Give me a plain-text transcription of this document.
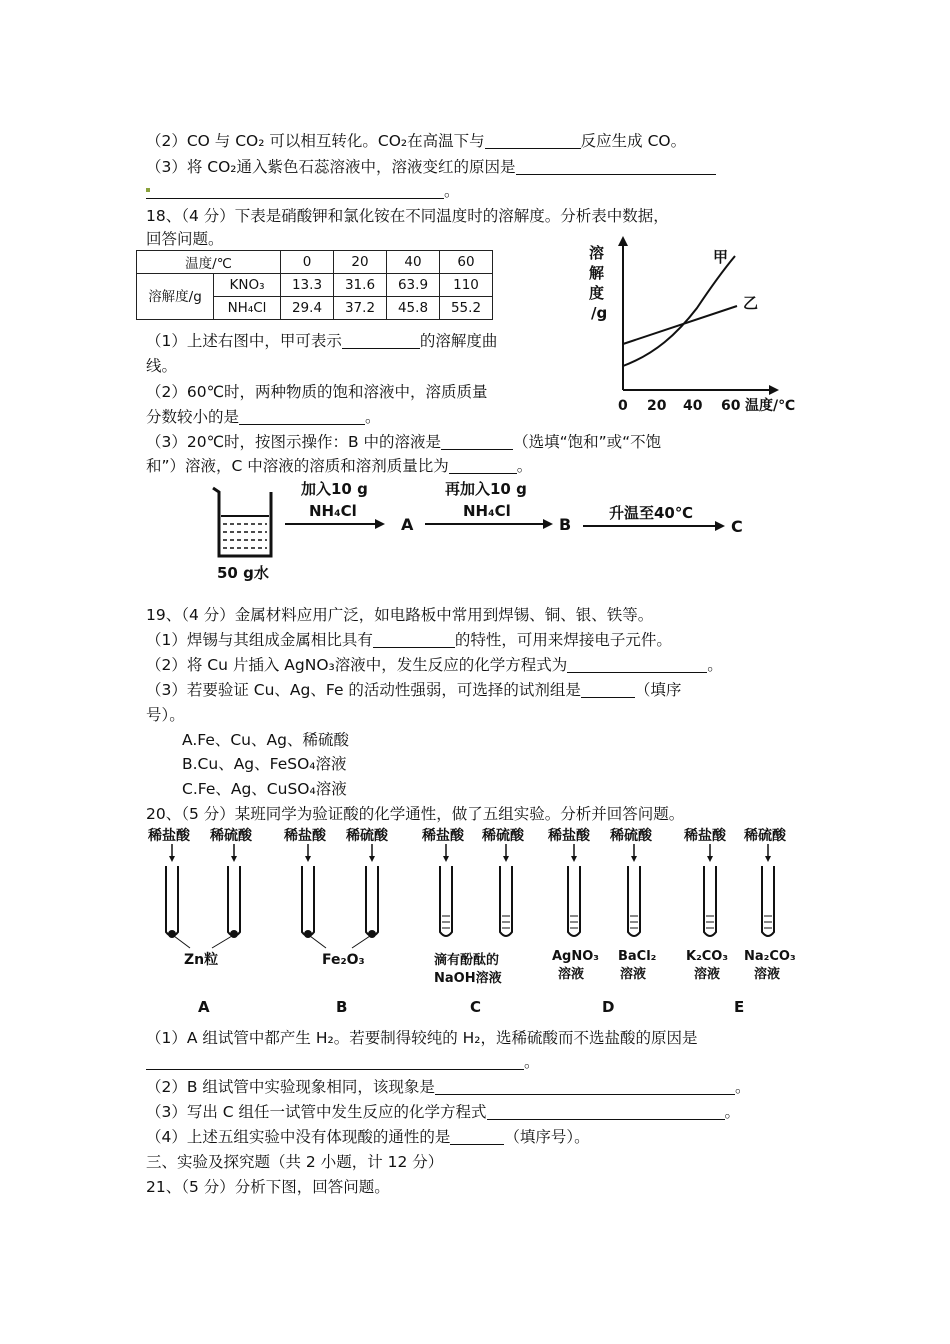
（2）CO 与 CO₂ 可以相互转化。CO₂在高温下与	反应生成 CO。
（3）将 CO₂通入紫色石蕊溶液中，溶液变红的原因是
。
18、（4 分）下表是硝酸钾和氯化铵在不同温度时的溶解度。分析表中数据，
回答问题。
温度/℃		0	20	40	60
溶解度/g	KNO₃	13.3	31.6	63.9	110
	NH₄Cl	29.4	37.2	45.8	55.2
溶
解
度
/g
甲
乙
0 20 40 60 温度/℃
（1）上述右图中，甲可表示	的溶解度曲
线。
（2）60℃时，两种物质的饱和溶液中，溶质质量
分数较小的是	。
（3）20℃时，按图示操作：B 中的溶液是	（选填“饱和”或“不饱
和”）溶液，C 中溶液的溶质和溶剂质量比为	。
50 g水
加入10 g
NH₄Cl
A
再加入10 g
NH₄Cl
B
升温至40℃
C
19、（4 分）金属材料应用广泛，如电路板中常用到焊锡、铜、银、铁等。
（1）焊锡与其组成金属相比具有	的特性，可用来焊接电子元件。
（2）将 Cu 片插入 AgNO₃溶液中，发生反应的化学方程式为	。
（3）若要验证 Cu、Ag、Fe 的活动性强弱，可选择的试剂组是	（填序
号）。
A.Fe、Cu、Ag、稀硫酸
B.Cu、Ag、FeSO₄溶液
C.Fe、Ag、CuSO₄溶液
20、（5 分）某班同学为验证酸的化学通性，做了五组实验。分析并回答问题。
稀盐酸 稀硫酸
Zn粒
A
稀盐酸 稀硫酸
Fe₂O₃
B
稀盐酸 稀硫酸
滴有酚酞的
NaOH溶液
C
稀盐酸 稀硫酸
AgNO₃
溶液
BaCl₂
溶液
D
稀盐酸 稀硫酸
K₂CO₃
溶液
Na₂CO₃
溶液
E
（1）A 组试管中都产生 H₂。若要制得较纯的 H₂，选稀硫酸而不选盐酸的原因是
。
（2）B 组试管中实验现象相同，该现象是	。
（3）写出 C 组任一试管中发生反应的化学方程式	。
（4）上述五组实验中没有体现酸的通性的是	（填序号）。
三、实验及探究题（共 2 小题，计 12 分）
21、（5 分）分析下图，回答问题。
